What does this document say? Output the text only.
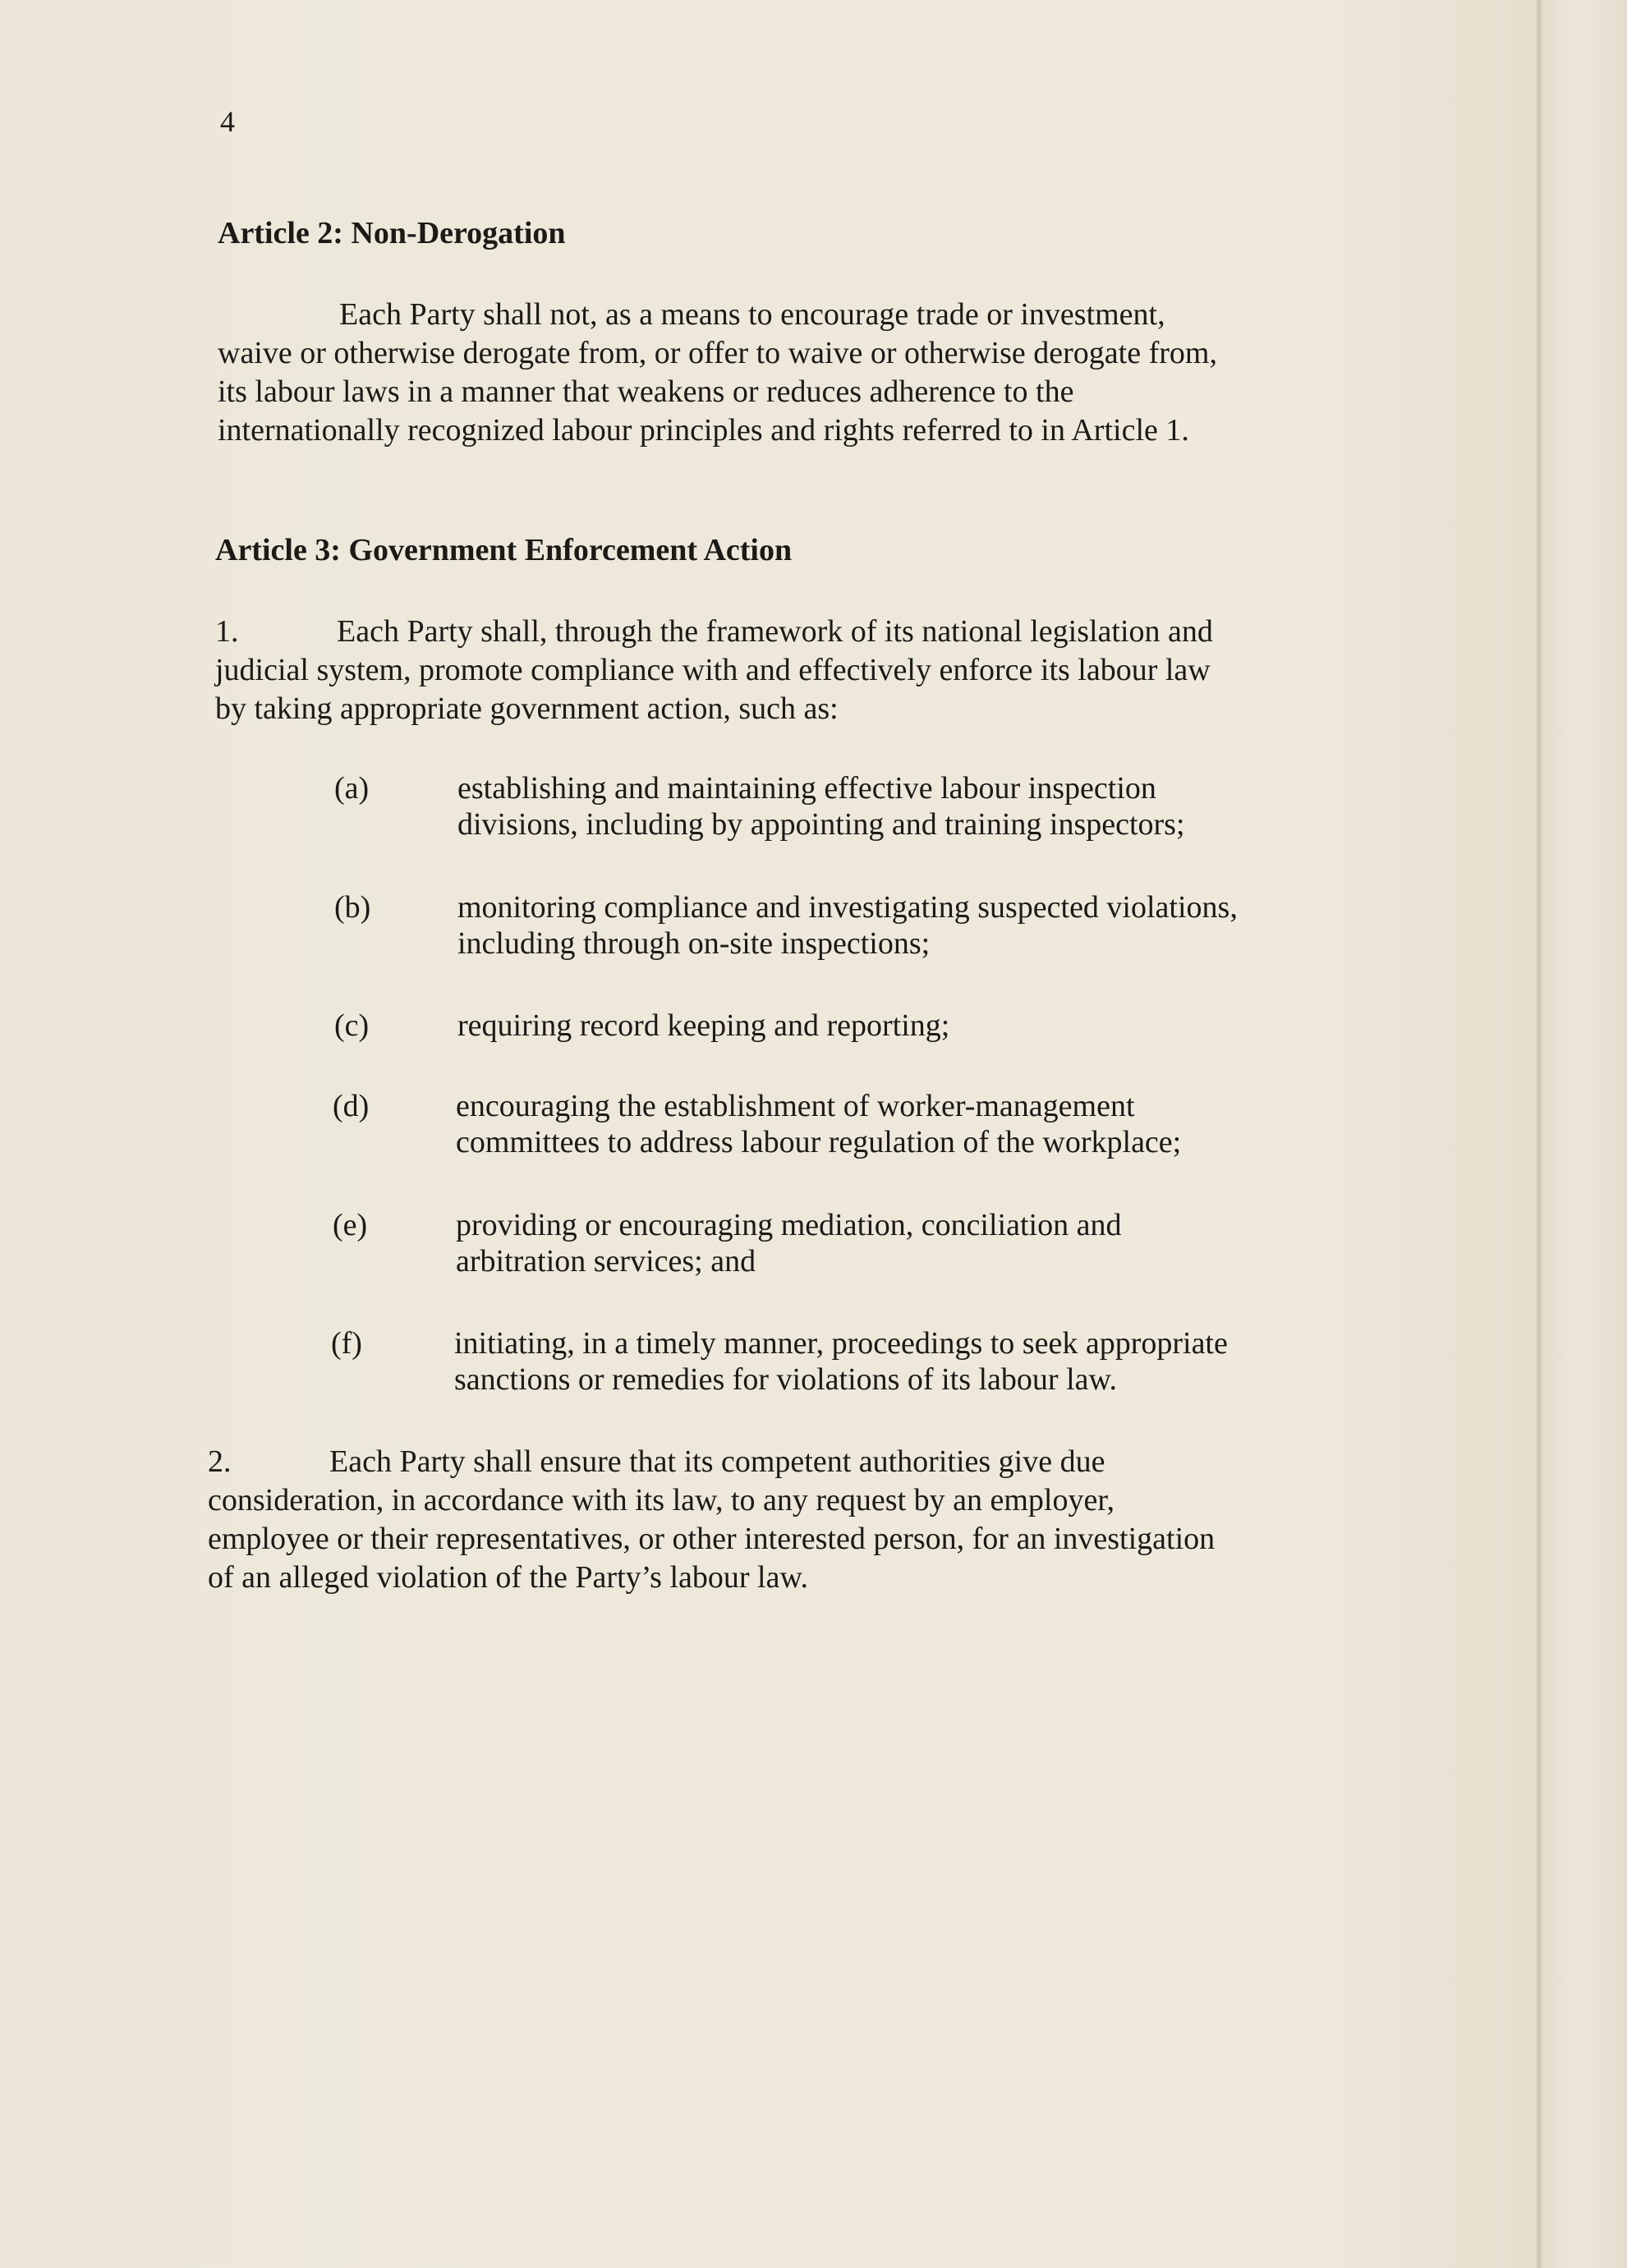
4
Article 2: Non-Derogation
Each Party shall not, as a means to encourage trade or investment,
waive or otherwise derogate from, or offer to waive or otherwise derogate from,
its labour laws in a manner that weakens or reduces adherence to the
internationally recognized labour principles and rights referred to in Article 1.
Article 3: Government Enforcement Action
1.	Each Party shall, through the framework of its national legislation and
judicial system, promote compliance with and effectively enforce its labour law
by taking appropriate government action, such as:
(a)	establishing and maintaining effective labour inspection
divisions, including by appointing and training inspectors;
(b)	monitoring compliance and investigating suspected violations,
including through on-site inspections;
(c)	requiring record keeping and reporting;
(d)	encouraging the establishment of worker-management
committees to address labour regulation of the workplace;
(e)	providing or encouraging mediation, conciliation and
arbitration services; and
(f)	initiating, in a timely manner, proceedings to seek appropriate
sanctions or remedies for violations of its labour law.
2.	Each Party shall ensure that its competent authorities give due
consideration, in accordance with its law, to any request by an employer,
employee or their representatives, or other interested person, for an investigation
of an alleged violation of the Party’s labour law.
